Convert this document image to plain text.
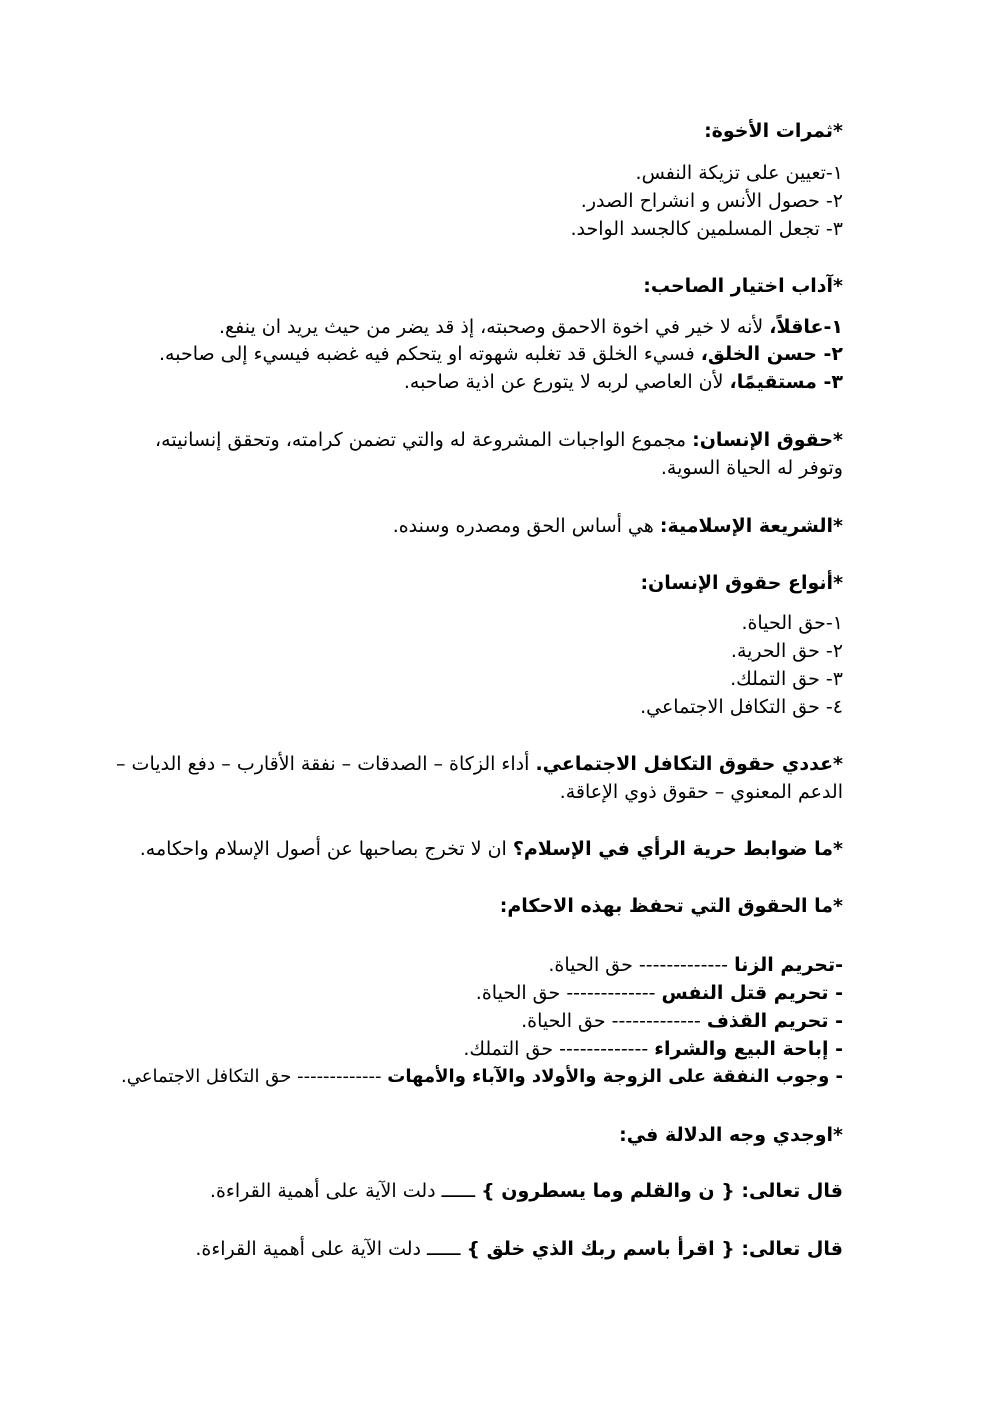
*ثمرات الأخوة:

١-تعيين على تزيكة النفس.

٢- حصول الأنس و انشراح الصدر.

٣- تجعل المسلمين كالجسد الواحد.

*آداب اختيار الصاحب:

١-عاقلاً، لأنه لا خير في اخوة الاحمق وصحبته، إذ قد يضر من حيث يريد ان ينفع.

٢- حسن الخلق، فسيء الخلق قد تغلبه شهوته او يتحكم فيه غضبه فيسيء إلى صاحبه.

٣- مستقيمًا، لأن العاصي لربه لا يتورع عن اذية صاحبه.

*حقوق الإنسان: مجموع الواجبات المشروعة له والتي تضمن كرامته، وتحقق إنسانيته،

وتوفر له الحياة السوية.

*الشريعة الإسلامية: هي أساس الحق ومصدره وسنده.

*أنواع حقوق الإنسان:

١-حق الحياة.

٢- حق الحرية.

٣- حق التملك.

٤- حق التكافل الاجتماعي.

*عددي حقوق التكافل الاجتماعي. أداء الزكاة – الصدقات – نفقة الأقارب – دفع الديات –

الدعم المعنوي – حقوق ذوي الإعاقة.

*ما ضوابط حرية الرأي في الإسلام؟ ان لا تخرج بصاحبها عن أصول الإسلام واحكامه.

*ما الحقوق التي تحفظ بهذه الاحكام:

-تحريم الزنا ------------- حق الحياة.

- تحريم قتل النفس ------------- حق الحياة.

- تحريم القذف ------------- حق الحياة.

- إباحة البيع والشراء ------------- حق التملك.

- وجوب النفقة على الزوجة والأولاد والآباء والأمهات ------------- حق التكافل الاجتماعي.

*اوجدي وجه الدلالة في:

قال تعالى: { ن والقلم وما يسطرون } ــــــ دلت الآية على أهمية القراءة.

قال تعالى: { اقرأ باسم ربك الذي خلق } ــــــ دلت الآية على أهمية القراءة.
